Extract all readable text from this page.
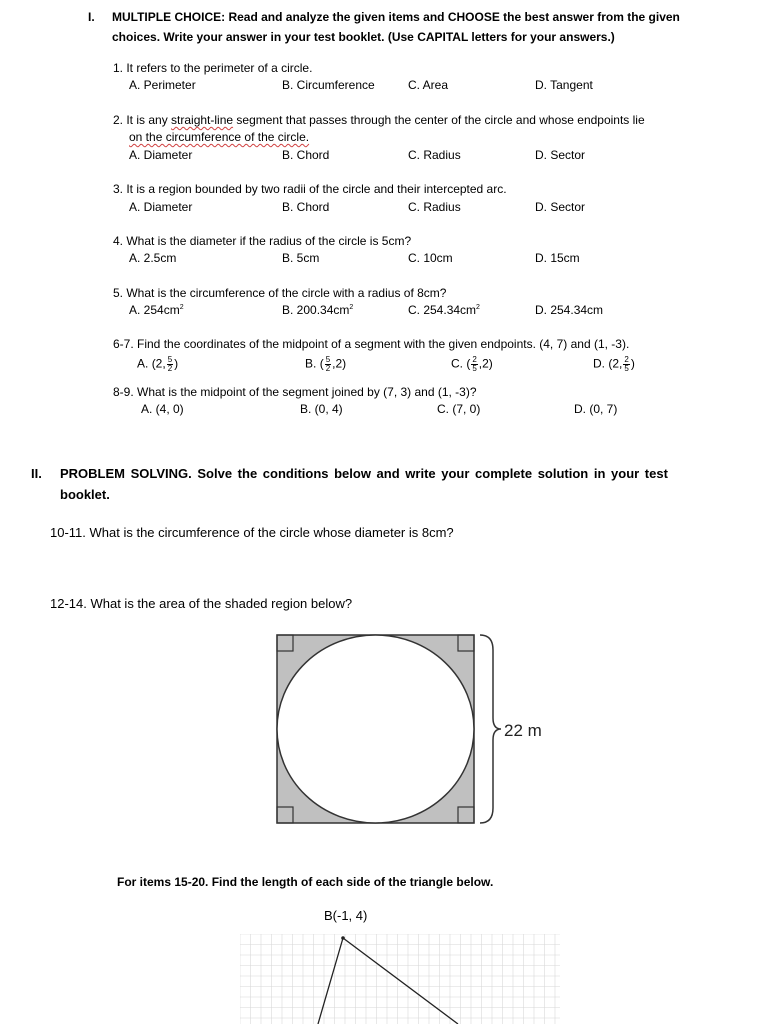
I. MULTIPLE CHOICE: Read and analyze the given items and CHOOSE the best answer from the given
choices. Write your answer in your test booklet. (Use CAPITAL letters for your answers.)
1. It refers to the perimeter of a circle.
A. Perimeter	B. Circumference	C. Area	D. Tangent
2. It is any straight-line segment that passes through the center of the circle and whose endpoints lie
on the circumference of the circle.
A. Diameter	B. Chord	C. Radius	D. Sector
3. It is a region bounded by two radii of the circle and their intercepted arc.
A. Diameter	B. Chord	C. Radius	D. Sector
4. What is the diameter if the radius of the circle is 5cm?
A. 2.5cm	B. 5cm	C. 10cm	D. 15cm
5. What is the circumference of the circle with a radius of 8cm?
A. $254cm^2$	B. $200.34cm^2$	C. $254.34cm^2$	D. 254.34cm
6-7. Find the coordinates of the midpoint of a segment with the given endpoints. (4, 7) and (1, -3).
A. (2, $\frac{5}{2}$ )	B. ( $\frac{5}{2} ,2$)	C. ( $\frac{2}{5} ,2$)	D. (2, $\frac{2}{5}$ )
8-9. What is the midpoint of the segment joined by (7, 3) and (1, -3)?
A. (4, 0)	B. (0, 4)	C. (7, 0)	D. (0, 7)
II. PROBLEM SOLVING. Solve the conditions below and write your complete solution in your test
booklet.
10-11. What is the circumference of the circle whose diameter is 8cm?
12-14. What is the area of the shaded region below?
22 m
For items 15-20. Find the length of each side of the triangle below.
B(-1, 4)
